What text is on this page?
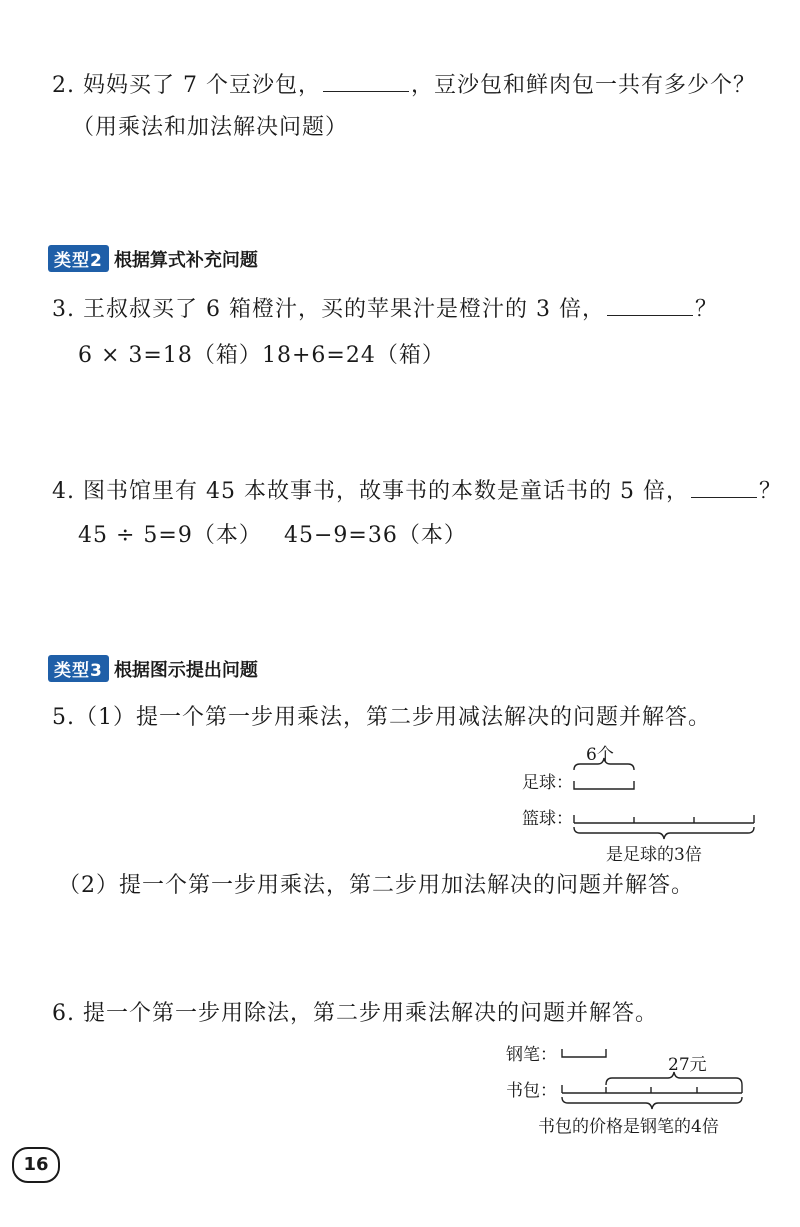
2. 妈妈买了 7 个豆沙包，	，豆沙包和鲜肉包一共有多少个？
（用乘法和加法解决问题）
类型2 根据算式补充问题
3. 王叔叔买了 6 箱橙汁，买的苹果汁是橙汁的 3 倍，	？
6 × 3=18（箱） 18+6=24（箱）
4. 图书馆里有 45 本故事书，故事书的本数是童话书的 5 倍，	？
45 ÷ 5=9（本） 45−9=36（本）
类型3 根据图示提出问题
5.（1）提一个第一步用乘法，第二步用减法解决的问题并解答。
6个
足球：
篮球：
是足球的3倍
（2）提一个第一步用乘法，第二步用加法解决的问题并解答。
6. 提一个第一步用除法，第二步用乘法解决的问题并解答。
钢笔：	27元
书包：
书包的价格是钢笔的4倍
16
